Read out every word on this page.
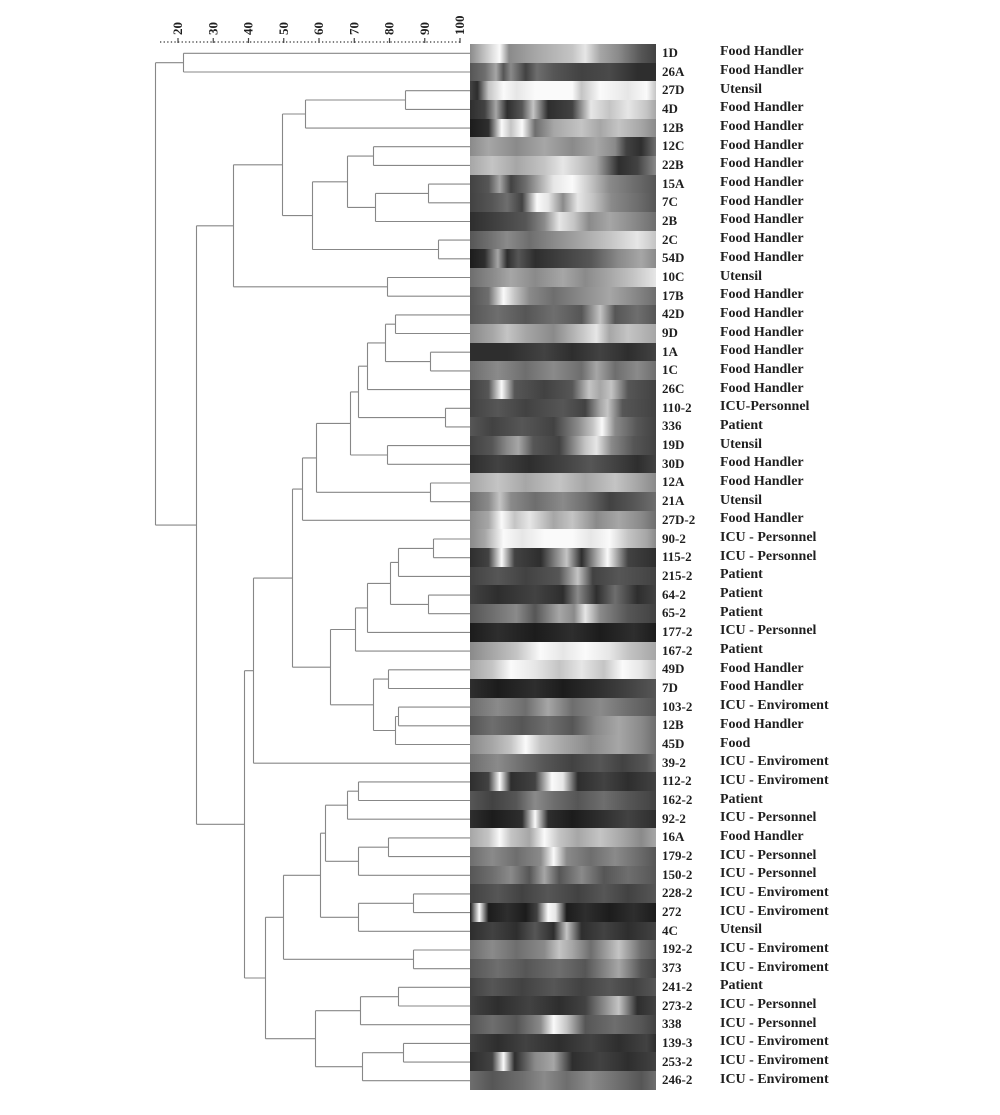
20 30 40 50 60 70 80 90 100
1D
26A
27D
4D
12B
12C
22B
15A
7C
2B
2C
54D
10C
17B
42D
9D
1A
1C
26C
110-2
336
19D
30D
12A
21A
27D-2
90-2
115-2
215-2
64-2
65-2
177-2
167-2
49D
7D
103-2
12B
45D
39-2
112-2
162-2
92-2
16A
179-2
150-2
228-2
272
4C
192-2
373
241-2
273-2
338
139-3
253-2
246-2
Food Handler
Food Handler
Utensil
Food Handler
Food Handler
Food Handler
Food Handler
Food Handler
Food Handler
Food Handler
Food Handler
Food Handler
Utensil
Food Handler
Food Handler
Food Handler
Food Handler
Food Handler
Food Handler
ICU-Personnel
Patient
Utensil
Food Handler
Food Handler
Utensil
Food Handler
ICU - Personnel
ICU - Personnel
Patient
Patient
Patient
ICU - Personnel
Patient
Food Handler
Food Handler
ICU - Enviroment
Food Handler
Food
ICU - Enviroment
ICU - Enviroment
Patient
ICU - Personnel
Food Handler
ICU - Personnel
ICU - Personnel
ICU - Enviroment
ICU - Enviroment
Utensil
ICU - Enviroment
ICU - Enviroment
Patient
ICU - Personnel
ICU - Personnel
ICU - Enviroment
ICU - Enviroment
ICU - Enviroment
